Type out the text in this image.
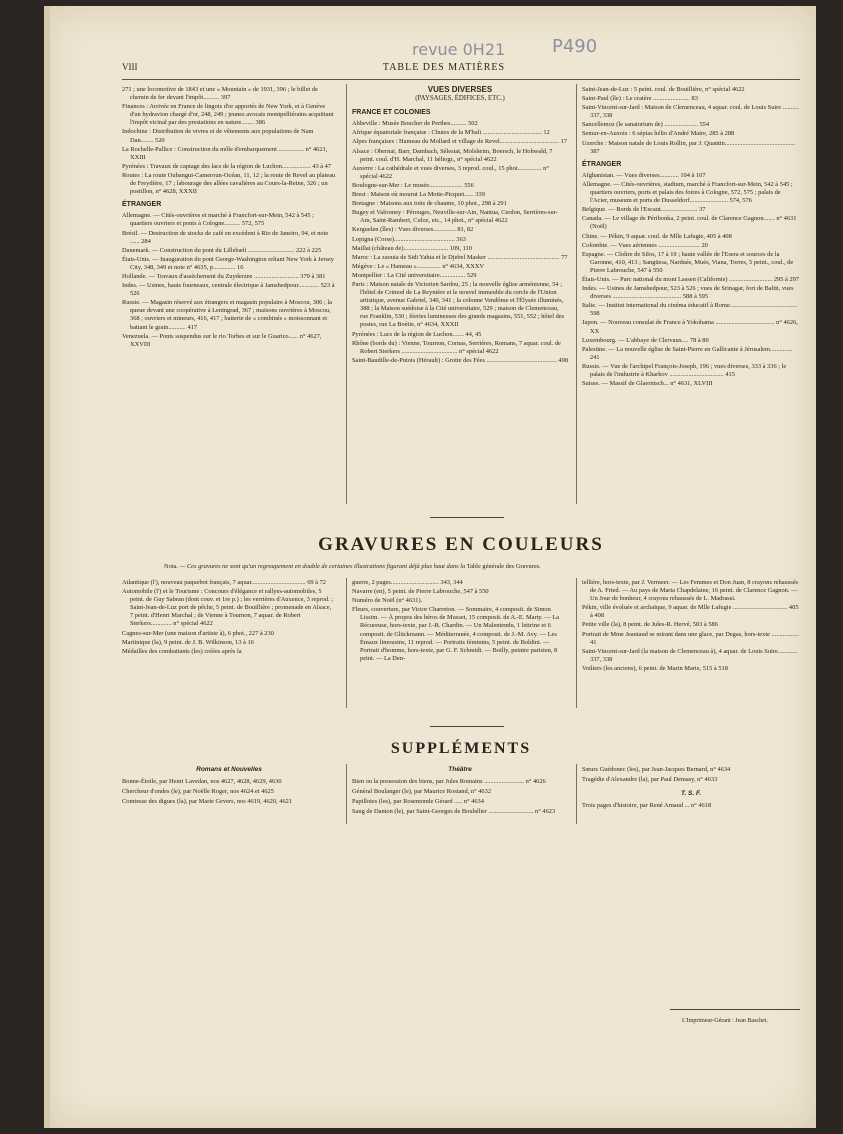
revue 0H21	P490
VIII	TABLE DES MATIÈRES

271 ; une locomotive de 1843 et une « Mountain » de 1931, 396 ; le billet de chemin de fer devant l'impôt.......... 397

Finances : Arrivée en France de lingots d'or apportés de New York, et à Genève d'un hydravion chargé d'or, 248, 249 ; jeunes avocats montpelliérains acquittant l'impôt vicinal par des prestations en nature........ 386

Indochine : Distribution de vivres et de vêtements aux populations de Nam Dan........ 520

La Rochelle-Pallice : Construction du môle d'embarquement ................ n° 4621, XXIII

Pyrénées : Travaux de captage des lacs de la région de Luchon.................. 43 à 47

Routes : La route Oubangui-Cameroun-Océan, 11, 12 ; la route de Revel au plateau de Freydière, 17 ; labourage des allées cavalières au Cours-la-Reine, 326 ; un postillon, n° 4628, XXXII

ÉTRANGER

Allemagne. — Cités-ouvrières et marché à Francfort-sur-Mein, 542 à 545 ; quartiers ouvriers et ponts à Cologne.......... 572, 575

Brésil. — Destruction de stocks de café en excédent à Rio de Janeiro, 94, et note ...... 284

Danemark. — Construction du pont du Lillebælt ............................. 222 à 225

États-Unis. — Inauguration du pont George-Washington reliant New York à Jersey City, 348, 349 et note n° 4635, p.............. 16

Hollande. — Travaux d'assèchement du Zuyderzee ............................ 379 à 381

Indes. — Usines, hauts fourneaux, centrale électrique à Jamshedpour............. 523 à 526

Russie. — Magasin réservé aux étrangers et magasin populaire à Moscou, 306 ; la queue devant une coopérative à Leningrad, 367 ; maisons ouvrières à Moscou, 368 ; ouvriers et mineurs, 416, 417 ; batterie de « combinés » moissonnant et battant le grain........... 417

Venezuela. — Ponts suspendus sur le rio Torbes et sur le Guarico...... n° 4627, XXVIII

VUES DIVERSES

(PAYSAGES, ÉDIFICES, ETC.)

FRANCE ET COLONIES

Abbeville : Musée Boucher de Perthes.......... 502

Afrique équatoriale française : Chutes de la M'bali ..................................... 12

Alpes françaises : Hameau du Mollard et village de Revel..................................... 17

Alsace : Obernai, Barr, Dambach, Sélestat, Molsheim, Boersch, le Hohwald, 7 peint. coul. d'H. Marchal, 11 héliogr., n° spécial 4622

Auxerre : La cathédrale et vues diverses, 3 reprod. coul., 15 phot............... n° spécial 4622

Boulogne-sur-Mer : Le musée..................... 556

Brest : Maison où mourut La Motte-Picquet...... 339

Bretagne : Maisons aux toits de chaume, 10 phot., 298 à 291

Bugey et Valromey : Pérouges, Neuville-sur-Ain, Nantua, Cerdon, Serrières-sur-Ain, Saint-Rambert, Culoz, etc., 14 phot., n° spécial 4622

Kerguelen (îles) : Vues diverses.............. 81, 82

Lopigna (Corse)...................................... 363

Maillat (château de)............................ 109, 110

Maroc : La zaouia de Sidi Yahia et le Djebel Masker ............................................. 77

Mégève : Le « Hameau »............... n° 4634, XXXV

Montpellier : La Cité universitaire................ 529

Paris : Maison natale de Victorien Sardou, 25 ; la nouvelle église arménienne, 54 ; l'hôtel de Crimod de La Reynière et le nouvel immeuble du cercle de l'Union artistique, avenue Gabriel, 340, 341 ; la colonne Vendôme et l'Élysée illuminés, 388 ; la Maison suédoise à la Cité universitaire, 529 ; maison de Clemenceau, rue Franklin, 530 ; féeries lumineuses des grands magasins, 551, 552 ; hôtel des postes, rue La Boétie, n° 4634, XXXII

Pyrénées : Lacs de la région de Luchon....... 44, 45

Rhône (bords du) : Vienne, Tournon, Cornas, Serrières, Romans, 7 aquar. coul. de Robert Sterkers ................................... n° spécial 4622

Saint-Baudille-de-Putois (Hérault) : Grotte des Fées ............................................ 498

Saint-Jean-de-Luz : 5 peint. coul. de Bouillière, n° spécial 4622

Saint-Paul (île) : Le cratère ....................... 83

Saint-Vincent-sur-Jard : Maison de Clemenceau, 4 aquar. coul. de Louis Suire .......... 337, 338

Sancellemoz (le sanatorium de) ..................... 554

Semur-en-Auxois : 6 sépias hélio d'André Maire, 285 à 288

Uzerche : Maison natale de Louis Rollin, par J. Quantin............................................ 387

ÉTRANGER

Afghanistan. — Vues diverses............ 104 à 107

Allemagne. — Cités-ouvrières, stadium, marché à Francfort-sur-Mein, 542 à 545 ; quartiers ouvriers, ports et palais des foires à Cologne, 572, 575 ; palais de l'Acier, museum et ports de Dusseldorf........................ 574, 576

Belgique. — Bords de l'Escaut....................... 37

Canada. — Le village de Péribonka, 2 peint. coul. de Clarence Gagnon....... n° 4631 (Noël)

Chine. — Pékin, 9 aquar. coul. de Mlle Lafugie, 405 à 408

Colombie. — Vues aériennes .......................... 20

Espagne. — Cloître de Silos, 17 à 19 ; haute vallée de l'Esera et sources de la Garonne, 410, 413 ; Sangüesa, Nardués, Mués, Viana, Torres, 5 peint., coul., de Pierre Labrouche, 547 à 550

États-Unis. — Parc national du mont Lassen (Californie) ........................... 295 à 297

Indes. — Usines de Jamshedpour, 523 à 526 ; vues de Srinagar, fort de Baltit, vues diverses ........................................... 588 à 595

Italie. — Institut international du cinéma éducatif à Rome.......................................... 598

Japon. — Nouveau consulat de France à Yokohama ..................................... n° 4626, XX

Luxembourg. — L'abbaye de Clervaux.... 78 à 80

Palestine. — La nouvelle église de Saint-Pierre en Gallicante à Jérusalem.............. 241

Russie. — Vue de l'archipel François-Joseph, 196 ; vues diverses, 333 à 336 ; le palais de l'industrie à Kharkov .................................. 415

Suisse. — Massif de Glaernisch... n° 4631, XLVIII

GRAVURES EN COULEURS
Nota. — Ces gravures ne sont qu'un regroupement en double de certaines illustrations figurant déjà plus haut dans la Table générale des Gravures.

Atlantique (l'), nouveau paquebot français, 7 aquar.................................. 69 à 72

Automobile (l') et le Tourisme : Concours d'élégance et rallyes-automobiles, 5 peint. de Guy Sabran (dont couv. et 1re p.) ; les verrières d'Auxence, 3 reprod. ; Saint-Jean-de-Luz port de pêche, 5 peint. de Bouillière ; promenade en Alsace, 7 peint. d'Henri Marchal ; de Vienne à Tournon, 7 aquar. de Robert Sterkers............. n° spécial 4622

Cagnes-sur-Mer (une maison d'artiste à), 6 phot., 227 à 230

Martinique (la), 9 peint. de J. B. Wilkinson, 13 à 16

Médailles des combattants (les) créées après la

guerre, 2 pages.............................. 343, 344

Navarre (en), 5 peint. de Pierre Labrouche, 547 à 550

Numéro de Noël (n° 4631).

Fleurs, couverture, par Victor Charreton. — Sommaire, 4 composit. de Simon Lissim. — À propos des héros de Musset, 15 composit. de A.-E. Marty. — La Récureuse, hors-texte, par J.-B. Chardin. — Un Malentendu, 1 lettrine et 6 composit. de Glückmann. — Méditerranée, 4 composit. de J.-M. Avy. — Les Émaux limousins, 11 reprod. — Portraits féminins, 5 peint. de Boldini. — Portrait d'homme, hors-texte, par G. F. Schmidt. — Boilly, peintre parisien, 8 peint. — La Den-

tellière, hors-texte, par J. Vermeer. — Les Femmes et Don Juan, 8 crayons rehaussés de A. Fried. — Au pays de Maria Chapdelaine, 16 peint. de Clarence Gagnon. — Un Jour de bonheur, 4 crayons rehaussés de L. Madrassi.

Pékin, ville évoluée et archaïque, 9 aquar. de Mlle Lafugie .................................. 405 à 408

Petite ville (la), 8 peint. de Jules-R. Hervé, 583 à 586

Portrait de Mme Jeantaud se mirant dans une glace, par Degas, hors-texte ................. 41

Saint-Vincent-sur-Jard (la maison de Clemenceau à), 4 aquar. de Louis Suire............ 337, 338

Voiliers (les anciens), 6 peint. de Marin Marie, 515 à 518

SUPPLÉMENTS
Romans et Nouvelles

Bonne-Étoile, par Henri Lavedan, nos 4627, 4628, 4629, 4630

Chercheur d'ondes (le), par Noëlle Roger, nos 4624 et 4625

Comtesse des digues (la), par Marie Gevers, nos 4619, 4620, 4621

Théâtre

Bien ou la possession des biens, par Jules Romains ......................... n° 4626

Général Boulanger (le), par Maurice Rostand, n° 4632

Papillotes (les), par Rosemonde Gérard ..... n° 4634

Sang de Danton (le), par Saint-Georges de Bouhélier ............................ n° 4623

Sœurs Guédonec (les), par Jean-Jacques Bernard, n° 4634

Tragédie d'Alexandre (la), par Paul Demasy, n° 4633

T. S. F.

Trois pages d'histoire, par René Arnaud ... n° 4618

L'Imprimeur-Gérant : Jean Baschet.
